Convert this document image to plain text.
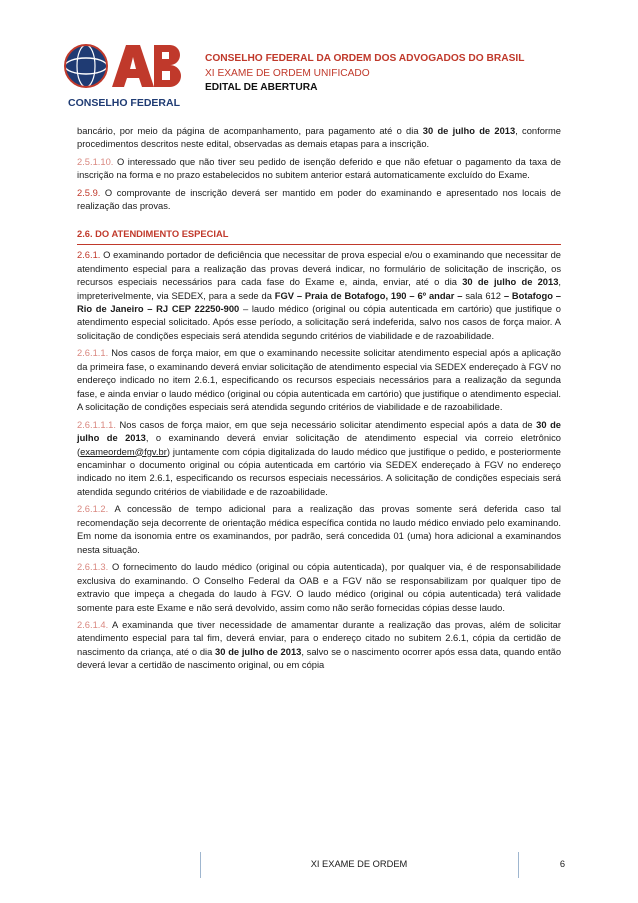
CONSELHO FEDERAL
CONSELHO FEDERAL DA ORDEM DOS ADVOGADOS DO BRASIL
XI EXAME DE ORDEM UNIFICADO
EDITAL DE ABERTURA

bancário, por meio da página de acompanhamento, para pagamento até o dia 30 de julho de 2013, conforme procedimentos descritos neste edital, observadas as demais etapas para a inscrição.

2.5.1.10. O interessado que não tiver seu pedido de isenção deferido e que não efetuar o pagamento da taxa de inscrição na forma e no prazo estabelecidos no subitem anterior estará automaticamente excluído do Exame.

2.5.9. O comprovante de inscrição deverá ser mantido em poder do examinando e apresentado nos locais de realização das provas.

2.6. DO ATENDIMENTO ESPECIAL

2.6.1. O examinando portador de deficiência que necessitar de prova especial e/ou o examinando que necessitar de atendimento especial para a realização das provas deverá indicar, no formulário de solicitação de inscrição, os recursos especiais necessários para cada fase do Exame e, ainda, enviar, até o dia 30 de julho de 2013, impreterivelmente, via SEDEX, para a sede da FGV – Praia de Botafogo, 190 – 6º andar – sala 612 – Botafogo – Rio de Janeiro – RJ CEP 22250-900 – laudo médico (original ou cópia autenticada em cartório) que justifique o atendimento especial solicitado. Após esse período, a solicitação será indeferida, salvo nos casos de força maior. A solicitação de condições especiais será atendida segundo critérios de viabilidade e de razoabilidade.

2.6.1.1. Nos casos de força maior, em que o examinando necessite solicitar atendimento especial após a aplicação da primeira fase, o examinando deverá enviar solicitação de atendimento especial via SEDEX endereçado à FGV no endereço indicado no item 2.6.1, especificando os recursos especiais necessários para a realização da segunda fase, e ainda enviar o laudo médico (original ou cópia autenticada em cartório) que justifique o atendimento especial. A solicitação de condições especiais será atendida segundo critérios de viabilidade e de razoabilidade.

2.6.1.1.1. Nos casos de força maior, em que seja necessário solicitar atendimento especial após a data de 30 de julho de 2013, o examinando deverá enviar solicitação de atendimento especial via correio eletrônico (exameordem@fgv.br) juntamente com cópia digitalizada do laudo médico que justifique o pedido, e posteriormente encaminhar o documento original ou cópia autenticada em cartório via SEDEX endereçado à FGV no endereço indicado no item 2.6.1, especificando os recursos especiais necessários. A solicitação de condições especiais será atendida segundo critérios de viabilidade e de razoabilidade.

2.6.1.2. A concessão de tempo adicional para a realização das provas somente será deferida caso tal recomendação seja decorrente de orientação médica específica contida no laudo médico enviado pelo examinando. Em nome da isonomia entre os examinandos, por padrão, será concedida 01 (uma) hora adicional a examinandos nesta situação.

2.6.1.3. O fornecimento do laudo médico (original ou cópia autenticada), por qualquer via, é de responsabilidade exclusiva do examinando. O Conselho Federal da OAB e a FGV não se responsabilizam por qualquer tipo de extravio que impeça a chegada do laudo à FGV. O laudo médico (original ou cópia autenticada) terá validade somente para este Exame e não será devolvido, assim como não serão fornecidas cópias desse laudo.

2.6.1.4. A examinanda que tiver necessidade de amamentar durante a realização das provas, além de solicitar atendimento especial para tal fim, deverá enviar, para o endereço citado no subitem 2.6.1, cópia da certidão de nascimento da criança, até o dia 30 de julho de 2013, salvo se o nascimento ocorrer após essa data, quando então deverá levar a certidão de nascimento original, ou em cópia

XI EXAME DE ORDEM	6
